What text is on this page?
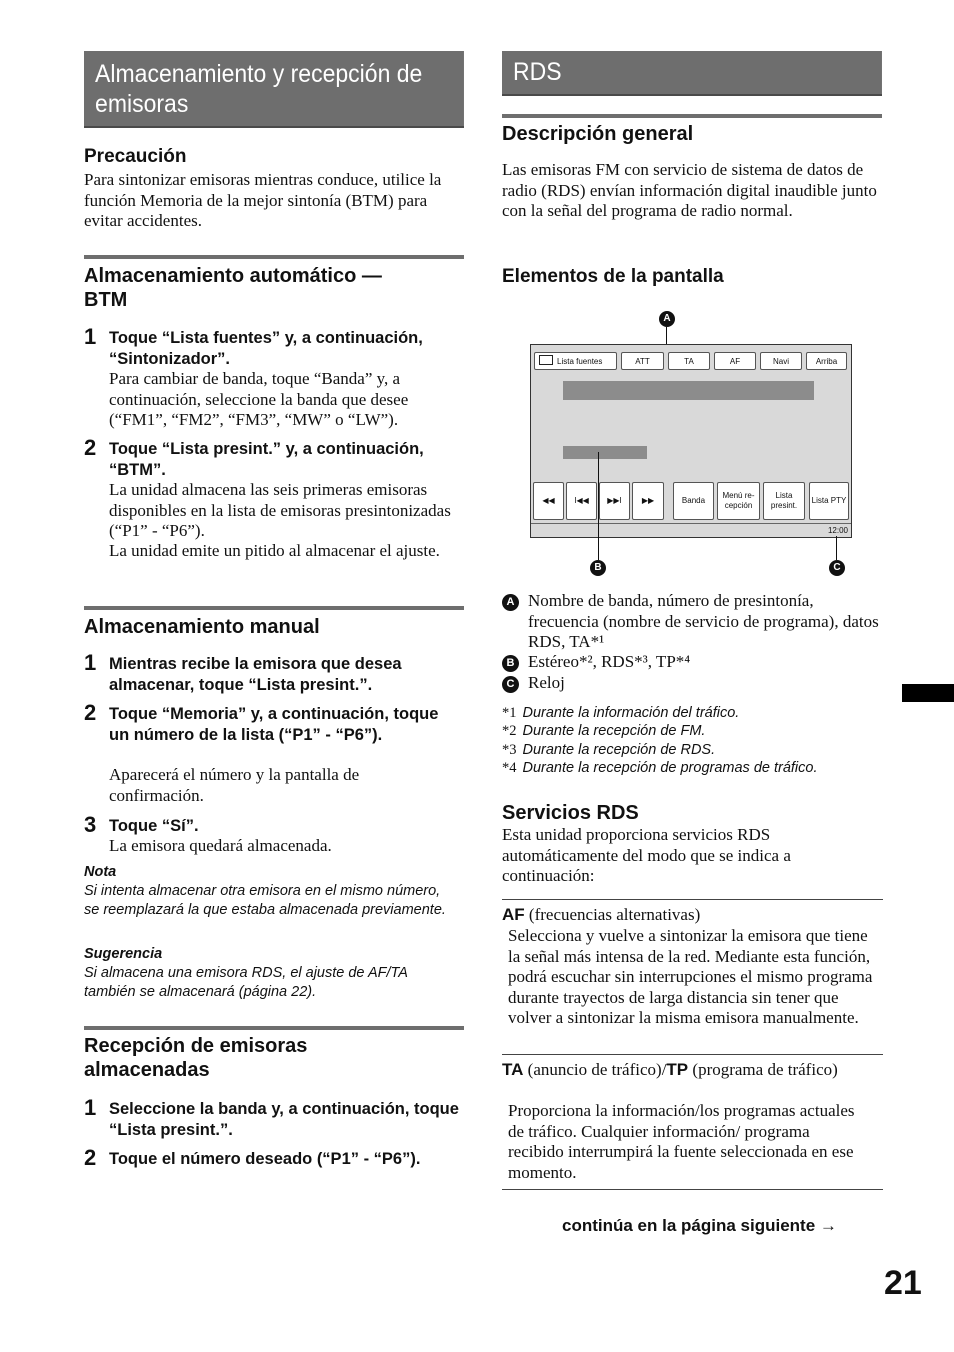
Almacenamiento y recepción de emisoras
Precaución
Para sintonizar emisoras mientras conduce, utilice la función Memoria de la mejor sintonía (BTM) para evitar accidentes.
Almacenamiento automático — BTM
1 Toque “Lista fuentes” y, a continuación, “Sintonizador”.
Para cambiar de banda, toque “Banda” y, a continuación, seleccione la banda que desee (“FM1”, “FM2”, “FM3”, “MW” o “LW”).
2 Toque “Lista presint.” y, a continuación, “BTM”.
La unidad almacena las seis primeras emisoras disponibles en la lista de emisoras presintonizadas (“P1” - “P6”).
La unidad emite un pitido al almacenar el ajuste.
Almacenamiento manual
1 Mientras recibe la emisora que desea almacenar, toque “Lista presint.”.
2 Toque “Memoria” y, a continuación, toque un número de la lista (“P1” - “P6”).
Aparecerá el número y la pantalla de confirmación.
3 Toque “Sí”.
La emisora quedará almacenada.
Nota
Si intenta almacenar otra emisora en el mismo número, se reemplazará la que estaba almacenada previamente.
Sugerencia
Si almacena una emisora RDS, el ajuste de AF/TA también se almacenará (página 22).
Recepción de emisoras almacenadas
1 Seleccione la banda y, a continuación, toque “Lista presint.”.
2 Toque el número deseado (“P1” - “P6”).
RDS
Descripción general
Las emisoras FM con servicio de sistema de datos de radio (RDS) envían información digital inaudible junto con la señal del programa de radio normal.
Elementos de la pantalla
A
Lista fuentes	ATT	TA	AF	Navi	Arriba
◀◀	I◀◀	▶▶I	▶▶	Banda
Menú re-cepción
Lista presint.
Lista PTY
12:00
B	C
A Nombre de banda, número de presintonía, frecuencia (nombre de servicio de programa), datos RDS, TA*¹
B Estéreo*², RDS*³, TP*⁴
C Reloj
*1 Durante la información del tráfico.
*2 Durante la recepción de FM.
*3 Durante la recepción de RDS.
*4 Durante la recepción de programas de tráfico.
Servicios RDS
Esta unidad proporciona servicios RDS automáticamente del modo que se indica a continuación:
AF (frecuencias alternativas)
Selecciona y vuelve a sintonizar la emisora que tiene la señal más intensa de la red. Mediante esta función, podrá escuchar sin interrupciones el mismo programa durante trayectos de larga distancia sin tener que volver a sintonizar la misma emisora manualmente.
TA (anuncio de tráfico)/TP (programa de tráfico)
Proporciona la información/los programas actuales de tráfico. Cualquier información/ programa recibido interrumpirá la fuente seleccionada en ese momento.
continúa en la página siguiente →
21
